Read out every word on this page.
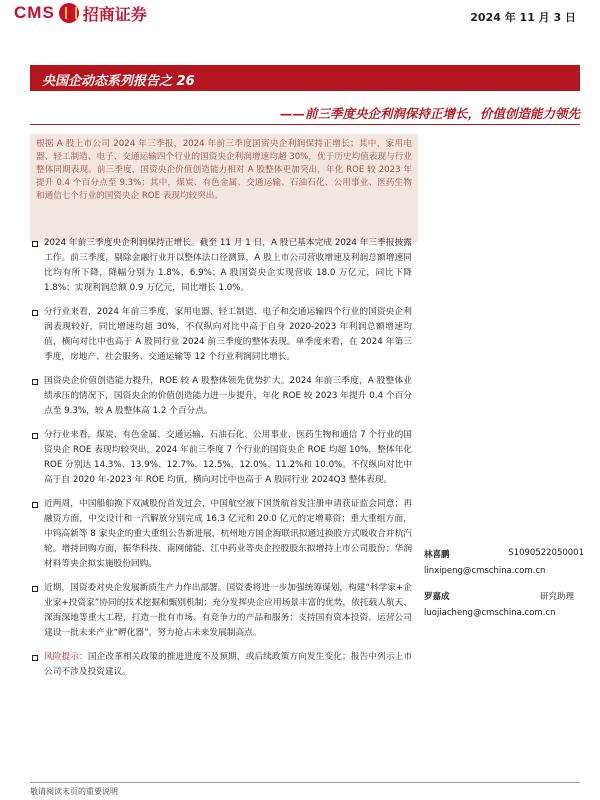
CMS 招商证券	2024 年 11 月 3 日
央国企动态系列报告之 26
——前三季度央企利润保持正增长，价值创造能力领先
根据 A 股上市公司 2024 年三季报，2024 年前三季度国资央企利润保持正增长；其中，家用电器、轻工制造、电子、交通运输四个行业的国资央企利润增速均超 30%，优于历史均值表现与行业整体同期表现。前三季度，国资央企价值创造能力相对 A 股整体更加突出，年化 ROE 较 2023 年提升 0.4 个百分点至 9.3%；其中，煤炭、有色金属、交通运输、石油石化、公用事业、医药生物和通信七个行业的国资央企 ROE 表现均较突出。
2024 年前三季度央企利润保持正增长。截至 11 月 1 日，A 股已基本完成 2024 年三季报披露工作。前三季度，剔除金融行业并以整体法口径测算，A 股上市公司营收增速及利润总额增速同比均有所下降，降幅分别为 1.8%、6.9%；A 股国资央企实现营收 18.0 万亿元，同比下降 1.8%；实现利润总额 0.9 万亿元，同比增长 1.0%。
分行业来看，2024 年前三季度，家用电器、轻工制造、电子和交通运输四个行业的国资央企利润表现较好，同比增速均超 30%，不仅纵向对比中高于自身 2020-2023 年利润总额增速均值，横向对比中也高于 A 股同行业 2024 前三季度的整体表现。单季度来看，在 2024 年第三季度，房地产、社会服务、交通运输等 12 个行业利润同比增长。
国资央企价值创造能力提升，ROE 较 A 股整体领先优势扩大。2024 年前三季度，A 股整体业绩承压的情况下，国资央企的价值创造能力进一步提升，年化 ROE 较 2023 年提升 0.4 个百分点至 9.3%，较 A 股整体高 1.2 个百分点。
分行业来看，煤炭、有色金属、交通运输、石油石化、公用事业、医药生物和通信 7 个行业的国资央企 ROE 表现均较突出，2024 年前三季度 7 个行业的国资央企 ROE 均超 10%，整体年化 ROE 分别达 14.3%、13.9%、12.7%、12.5%、12.0%、11.2%和 10.0%。不仅纵向对比中高于自 2020 年-2023 年 ROE 均值，横向对比中也高于 A 股同行业 2024Q3 整体表现。
近两周，中国船舶换下双减股份首发过会，中国航空液下国货航首发注册申请获证监会同意；再融资方面，中交设计和一汽解放分别完成 16.3 亿元和 20.0 亿元的定增募资；重大重组方面，中钨高新等 8 家央企的重大重组公告新进展，杭州地方国企海联讯拟通过换股方式吸收合并杭汽轮。增持回购方面，振华科技、南网储能、江中药业等央企控股股东拟增持上市公司股份；华润材料等央企拟实施股份回购。
近期，国资委对央企发展新质生产力作出部署。国资委将进一步加强统筹谋划，构建“科学家+企业家+投资家”协同的技术挖掘和甄别机制；充分发挥央企应用场景丰富的优势，依托载人航天、深海深地等重大工程，打造一批有市场、有竞争力的产品和服务；支持国有资本投资、运营公司建设一批未来产业“孵化器”，努力抢占未来发展制高点。
风险提示：国企改革相关政策的推进进度不及预期，或后续政策方向发生变化；报告中列示上市公司不涉及投资建议。
林喜鹏	S1090522050001
linxipeng@cmschina.com.cn
罗嘉成	研究助理
luojiacheng@cmschina.com.cn
敬请阅读末页的重要说明
